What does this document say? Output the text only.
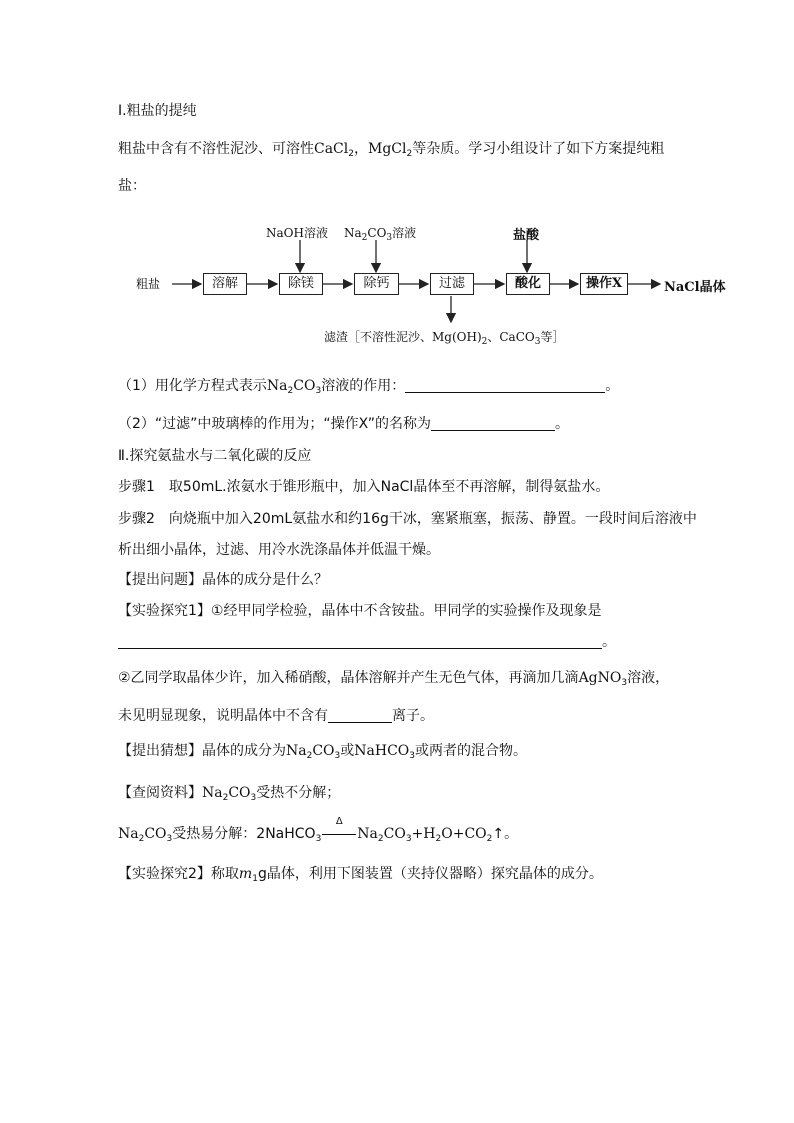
Ⅰ.粗盐的提纯
粗盐中含有不溶性泥沙、可溶性CaCl$_2$，MgCl$_2$等杂质。学习小组设计了如下方案提纯粗
盐：
粗盐	溶解	除镁	除钙	过滤	酸化	操作X	NaCl晶体
NaOH溶液 $Na_2CO_3$溶液	盐酸
滤渣［不溶性泥沙、$Mg(OH)_2$、CaCO$_3$等］
（1）用化学方程式表示$Na_2CO_3$溶液的作用：	。
（2）“过滤”中玻璃棒的作用为；“操作X”的名称为	。
Ⅱ.探究氨盐水与二氧化碳的反应
步骤1　取50mL.浓氨水于锥形瓶中，加入NaCl晶体至不再溶解，制得氨盐水。
步骤2　向烧瓶中加入20mL氨盐水和约16g干冰，塞紧瓶塞，振荡、静置。一段时间后溶液中
析出细小晶体，过滤、用冷水洗涤晶体并低温干燥。
【提出问题】晶体的成分是什么？
【实验探究1】①经甲同学检验，晶体中不含铵盐。甲同学的实验操作及现象是
。
②乙同学取晶体少许，加入稀硝酸，晶体溶解并产生无色气体，再滴加几滴AgNO$_3$溶液，
未见明显现象，说明晶体中不含有	离子。
【提出猜想】晶体的成分为$Na_2CO_3$或NaHCO$_3$或两者的混合物。
【查阅资料】$Na_2CO_3$受热不分解；
$Na_2CO_3$受热易分解：2NaHCO$_3$
Δ
$Na_2CO_3+H_2O+CO_2↑$。
【实验探究2】称取$m_1g$晶体，利用下图装置（夹持仪器略）探究晶体的成分。
